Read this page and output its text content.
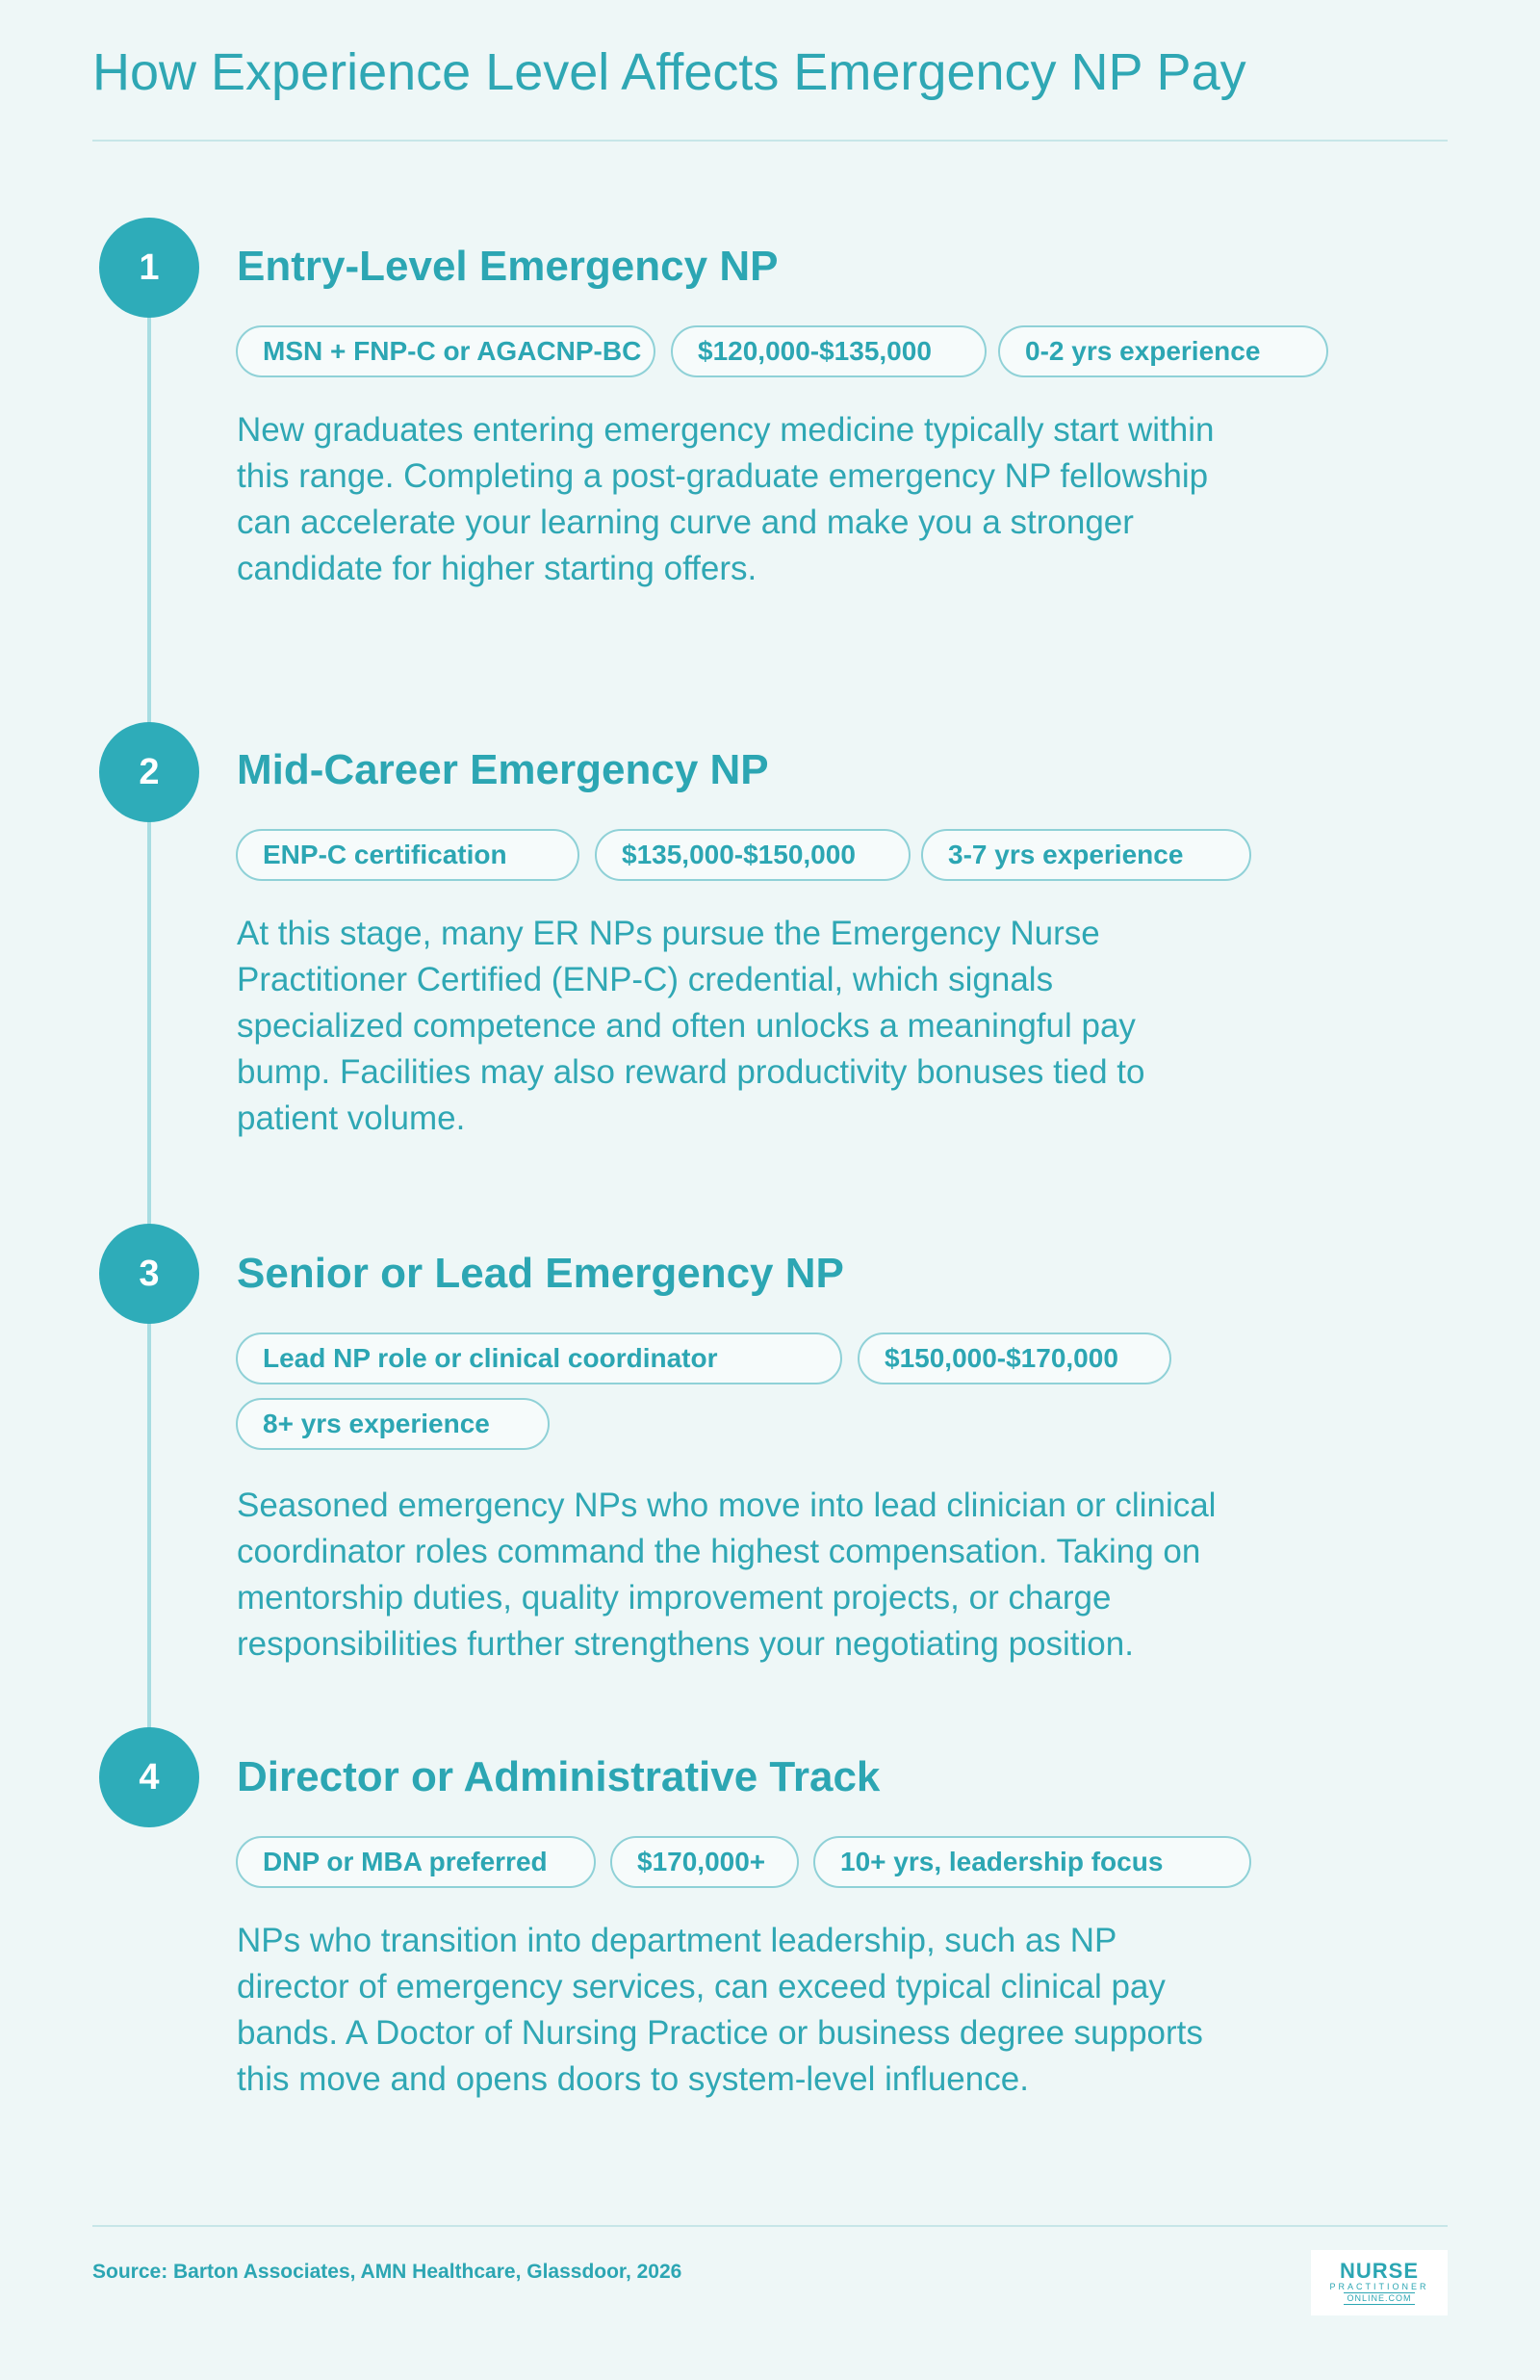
How Experience Level Affects Emergency NP Pay
1	Entry-Level Emergency NP
MSN + FNP-C or AGACNP-BC	$120,000-$135,000	0-2 yrs experience
New graduates entering emergency medicine typically start within this range. Completing a post-graduate emergency NP fellowship can accelerate your learning curve and make you a stronger candidate for higher starting offers.
2	Mid-Career Emergency NP
ENP-C certification	$135,000-$150,000	3-7 yrs experience
At this stage, many ER NPs pursue the Emergency Nurse Practitioner Certified (ENP-C) credential, which signals specialized competence and often unlocks a meaningful pay bump. Facilities may also reward productivity bonuses tied to patient volume.
3	Senior or Lead Emergency NP
Lead NP role or clinical coordinator	$150,000-$170,000
8+ yrs experience
Seasoned emergency NPs who move into lead clinician or clinical coordinator roles command the highest compensation. Taking on mentorship duties, quality improvement projects, or charge responsibilities further strengthens your negotiating position.
4	Director or Administrative Track
DNP or MBA preferred	$170,000+	10+ yrs, leadership focus
NPs who transition into department leadership, such as NP director of emergency services, can exceed typical clinical pay bands. A Doctor of Nursing Practice or business degree supports this move and opens doors to system-level influence.
Source: Barton Associates, AMN Healthcare, Glassdoor, 2026	NURSE
PRACTITIONER
ONLINE.COM
